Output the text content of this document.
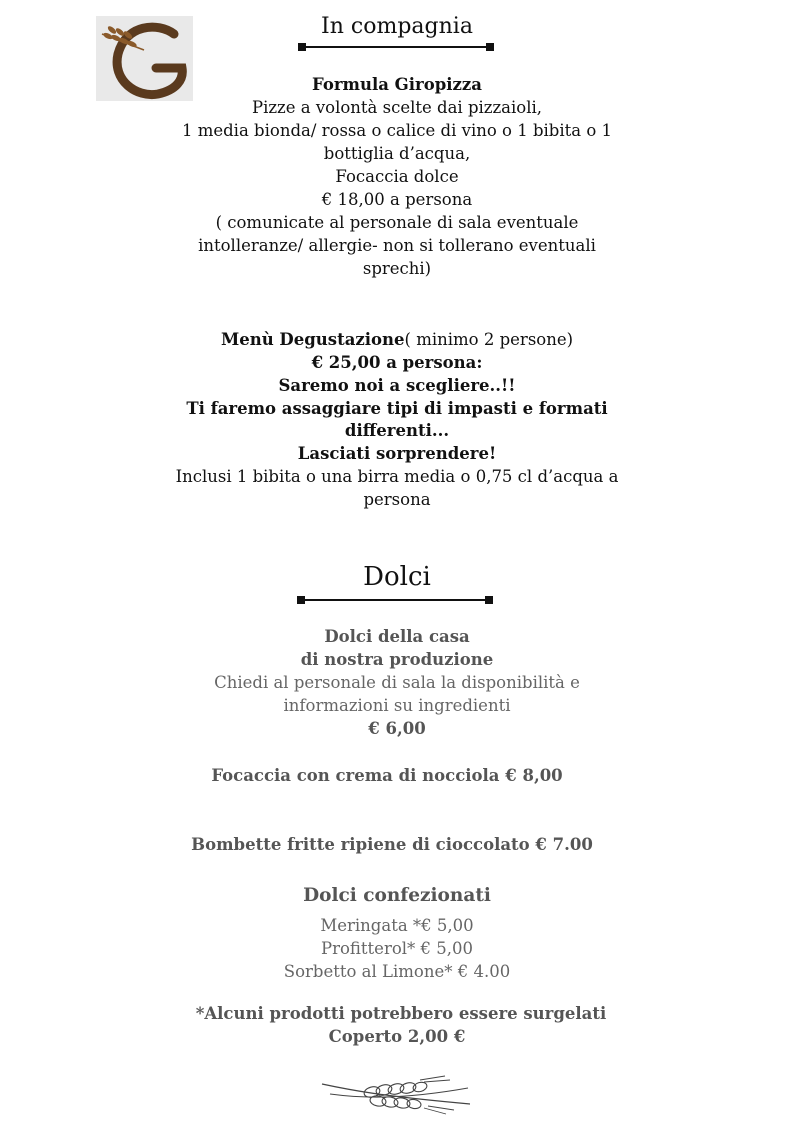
In compagnia
Formula Giropizza
Pizze a volontà scelte dai pizzaioli,
1 media bionda/ rossa o calice di vino o 1 bibita o 1
bottiglia d’acqua,
Focaccia dolce
€ 18,00 a persona
( comunicate al personale di sala eventuale
intolleranze/ allergie- non si tollerano eventuali
sprechi)
Menù Degustazione( minimo 2 persone)
€ 25,00 a persona:
Saremo noi a scegliere..!!
Ti faremo assaggiare tipi di impasti e formati
differenti...
Lasciati sorprendere!
Inclusi 1 bibita o una birra media o 0,75 cl d’acqua a
persona
Dolci
Dolci della casa
di nostra produzione
Chiedi al personale di sala la disponibilità e
informazioni su ingredienti
€ 6,00
Focaccia con crema di nocciola € 8,00
Bombette fritte ripiene di cioccolato € 7.00
Dolci confezionati
Meringata *€ 5,00
Profitterol* € 5,00
Sorbetto al Limone* € 4.00
*Alcuni prodotti potrebbero essere surgelati
Coperto 2,00 €
